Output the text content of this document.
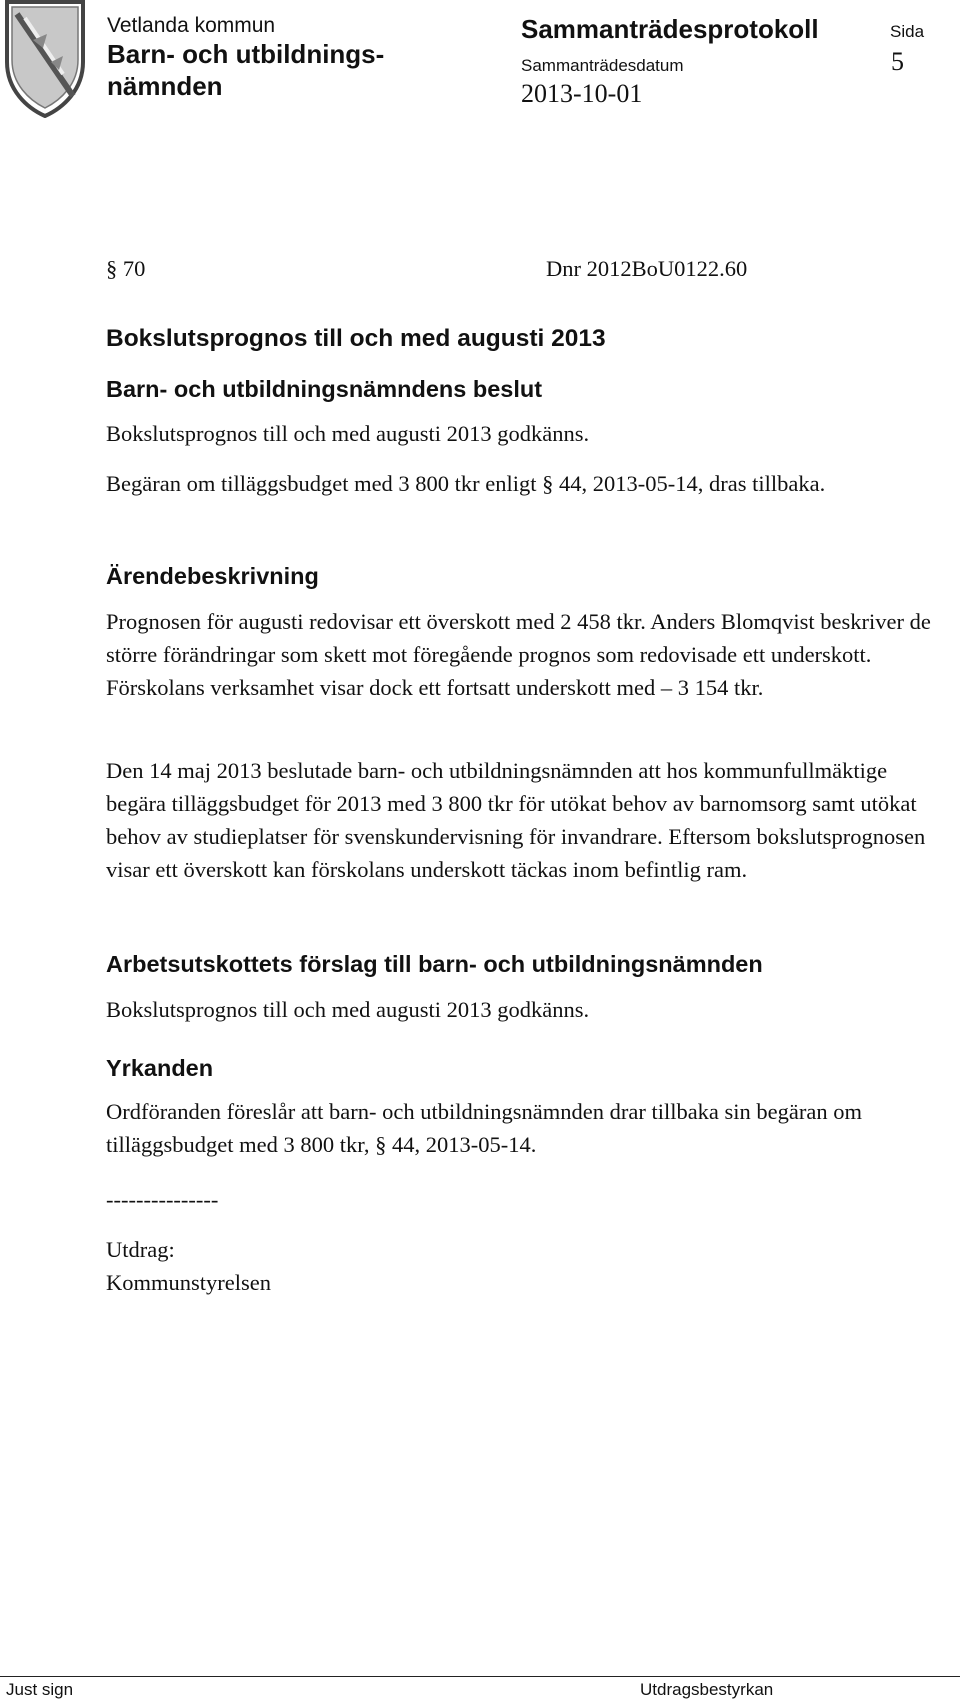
Vetlanda kommun
Barn- och utbildnings-nämnden
Sammanträdesprotokoll	Sida
5
Sammanträdesdatum
2013-10-01
§ 70	Dnr 2012BoU0122.60
Bokslutsprognos till och med augusti 2013
Barn- och utbildningsnämndens beslut
Bokslutsprognos till och med augusti 2013 godkänns.
Begäran om tilläggsbudget med 3 800 tkr enligt § 44, 2013-05-14, dras tillbaka.
Ärendebeskrivning
Prognosen för augusti redovisar ett överskott med 2 458 tkr. Anders Blomqvist beskriver de större förändringar som skett mot föregående prognos som redovisade ett underskott. Förskolans verksamhet visar dock ett fortsatt underskott med – 3 154 tkr.
Den 14 maj 2013 beslutade barn- och utbildningsnämnden att hos kommunfullmäktige begära tilläggsbudget för 2013 med 3 800 tkr för utökat behov av barnomsorg samt utökat behov av studieplatser för svenskundervisning för invandrare. Eftersom bokslutsprognosen visar ett överskott kan förskolans underskott täckas inom befintlig ram.
Arbetsutskottets förslag till barn- och utbildningsnämnden
Bokslutsprognos till och med augusti 2013 godkänns.
Yrkanden
Ordföranden föreslår att barn- och utbildningsnämnden drar tillbaka sin begäran om tilläggsbudget med 3 800 tkr, § 44, 2013-05-14.
---------------
Utdrag:
Kommunstyrelsen
Just sign	Utdragsbestyrkan
